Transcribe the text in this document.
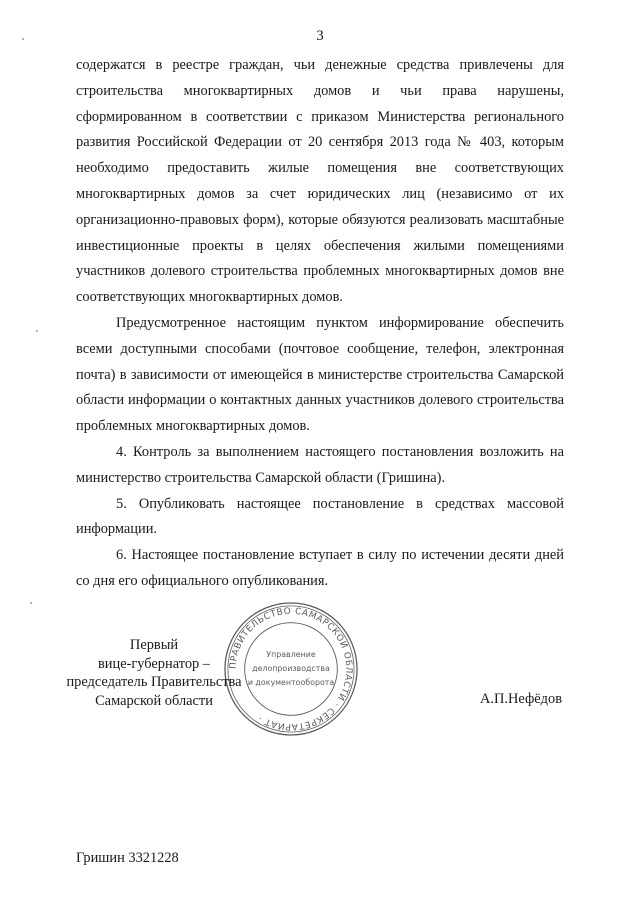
3

содержатся в реестре граждан, чьи денежные средства привлечены для строительства многоквартирных домов и чьи права нарушены, сформированном в соответствии с приказом Министерства регионального развития Российской Федерации от 20 сентября 2013 года № 403, которым необходимо предоставить жилые помещения вне соответствующих многоквартирных домов за счет юридических лиц (независимо от их организационно-правовых форм), которые обязуются реализовать масштабные инвестиционные проекты в целях обеспечения жилыми помещениями участников долевого строительства проблемных многоквартирных домов вне соответствующих многоквартирных домов.

Предусмотренное настоящим пунктом информирование обеспечить всеми доступными способами (почтовое сообщение, телефон, электронная почта) в зависимости от имеющейся в министерстве строительства Самарской области информации о контактных данных участников долевого строительства проблемных многоквартирных домов.

4. Контроль за выполнением настоящего постановления возложить на министерство строительства Самарской области (Гришина).

5. Опубликовать настоящее постановление в средствах массовой информации.

6. Настоящее постановление вступает в силу по истечении десяти дней со дня его официального опубликования.

ПРАВИТЕЛЬСТВО САМАРСКОЙ ОБЛАСТИ · СЕКРЕТАРИАТ ·
Управление
делопроизводства
и документооборота
Первый
вице-губернатор –
председатель Правительства
Самарской области	А.П.Нефёдов
Гришин 3321228
